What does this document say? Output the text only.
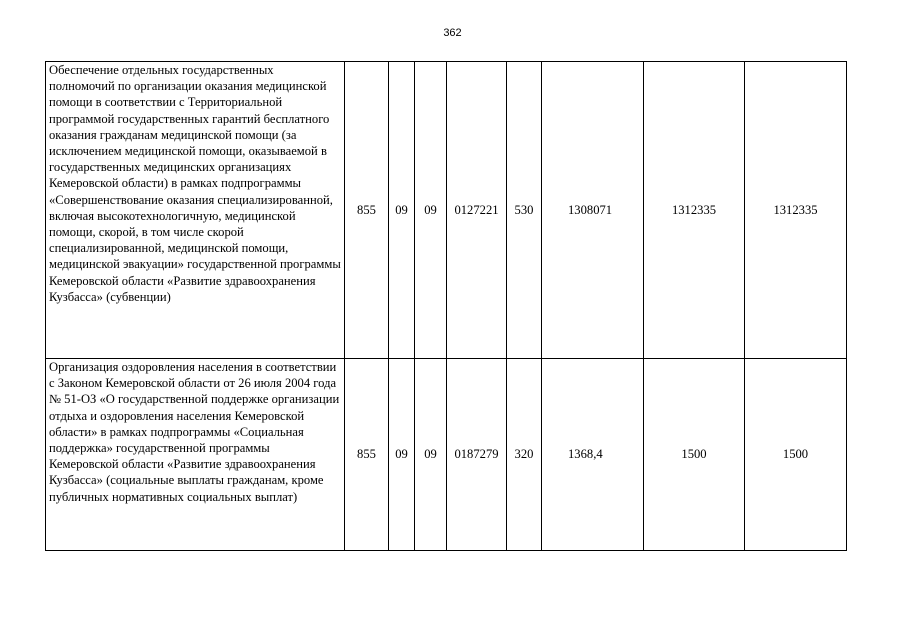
362
Обеспечение отдельных государственных полномочий по организации оказания медицинской помощи в соответствии с Территориальной программой государственных гарантий бесплатного оказания гражданам медицинской помощи (за исключением медицинской помощи, оказываемой в государственных медицинских организациях Кемеровской области) в рамках подпрограммы «Совершенствование оказания специализированной, включая высокотехнологичную, медицинской помощи, скорой, в том числе скорой специализированной, медицинской помощи, медицинской эвакуации» государственной программы Кемеровской области «Развитие здравоохранения Кузбасса» (субвенции)	855	09	09	0127221	530	1308071	1312335	1312335
Организация оздоровления населения в соответствии с Законом Кемеровской области от 26 июля 2004 года № 51-ОЗ «О государственной поддержке организации отдыха и оздоровления населения Кемеровской области» в рамках подпрограммы «Социальная поддержка» государственной программы Кемеровской области «Развитие здравоохранения Кузбасса» (социальные выплаты гражданам, кроме публичных нормативных социальных выплат)	855	09	09	0187279	320	1368,4	1500	1500
